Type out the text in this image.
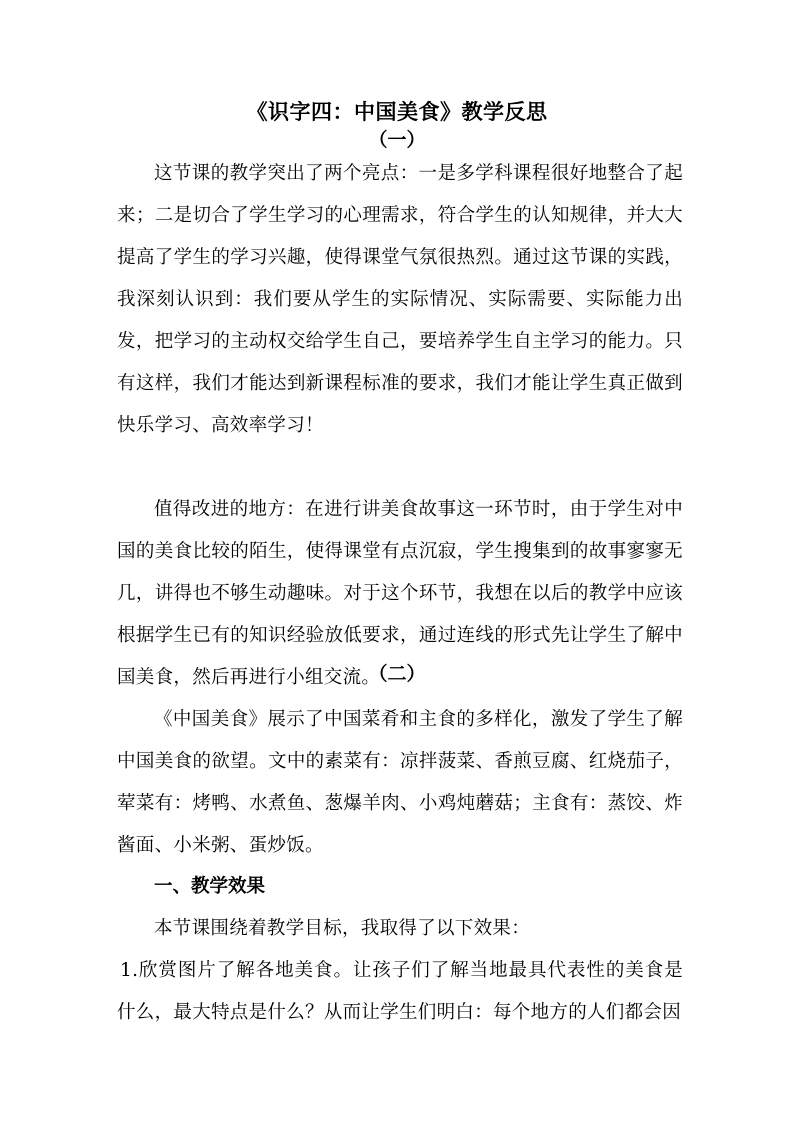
《识字四：中国美食》教学反思
（一）
这节课的教学突出了两个亮点：一是多学科课程很好地整合了起来；二是切合了学生学习的心理需求，符合学生的认知规律，并大大提高了学生的学习兴趣，使得课堂气氛很热烈。通过这节课的实践，我深刻认识到：我们要从学生的实际情况、实际需要、实际能力出发，把学习的主动权交给学生自己，要培养学生自主学习的能力。只有这样，我们才能达到新课程标准的要求，我们才能让学生真正做到快乐学习、高效率学习！
值得改进的地方：在进行讲美食故事这一环节时，由于学生对中国的美食比较的陌生，使得课堂有点沉寂，学生搜集到的故事寥寥无几，讲得也不够生动趣味。对于这个环节，我想在以后的教学中应该根据学生已有的知识经验放低要求，通过连线的形式先让学生了解中国美食，然后再进行小组交流。
（二）
《中国美食》展示了中国菜肴和主食的多样化，激发了学生了解中国美食的欲望。文中的素菜有：凉拌菠菜、香煎豆腐、红烧茄子，荤菜有：烤鸭、水煮鱼、葱爆羊肉、小鸡炖蘑菇；主食有：蒸饺、炸酱面、小米粥、蛋炒饭。
一、教学效果
本节课围绕着教学目标，我取得了以下效果：
1.欣赏图片了解各地美食。让孩子们了解当地最具代表性的美食是什么，最大特点是什么？从而让学生们明白：每个地方的人们都会因
